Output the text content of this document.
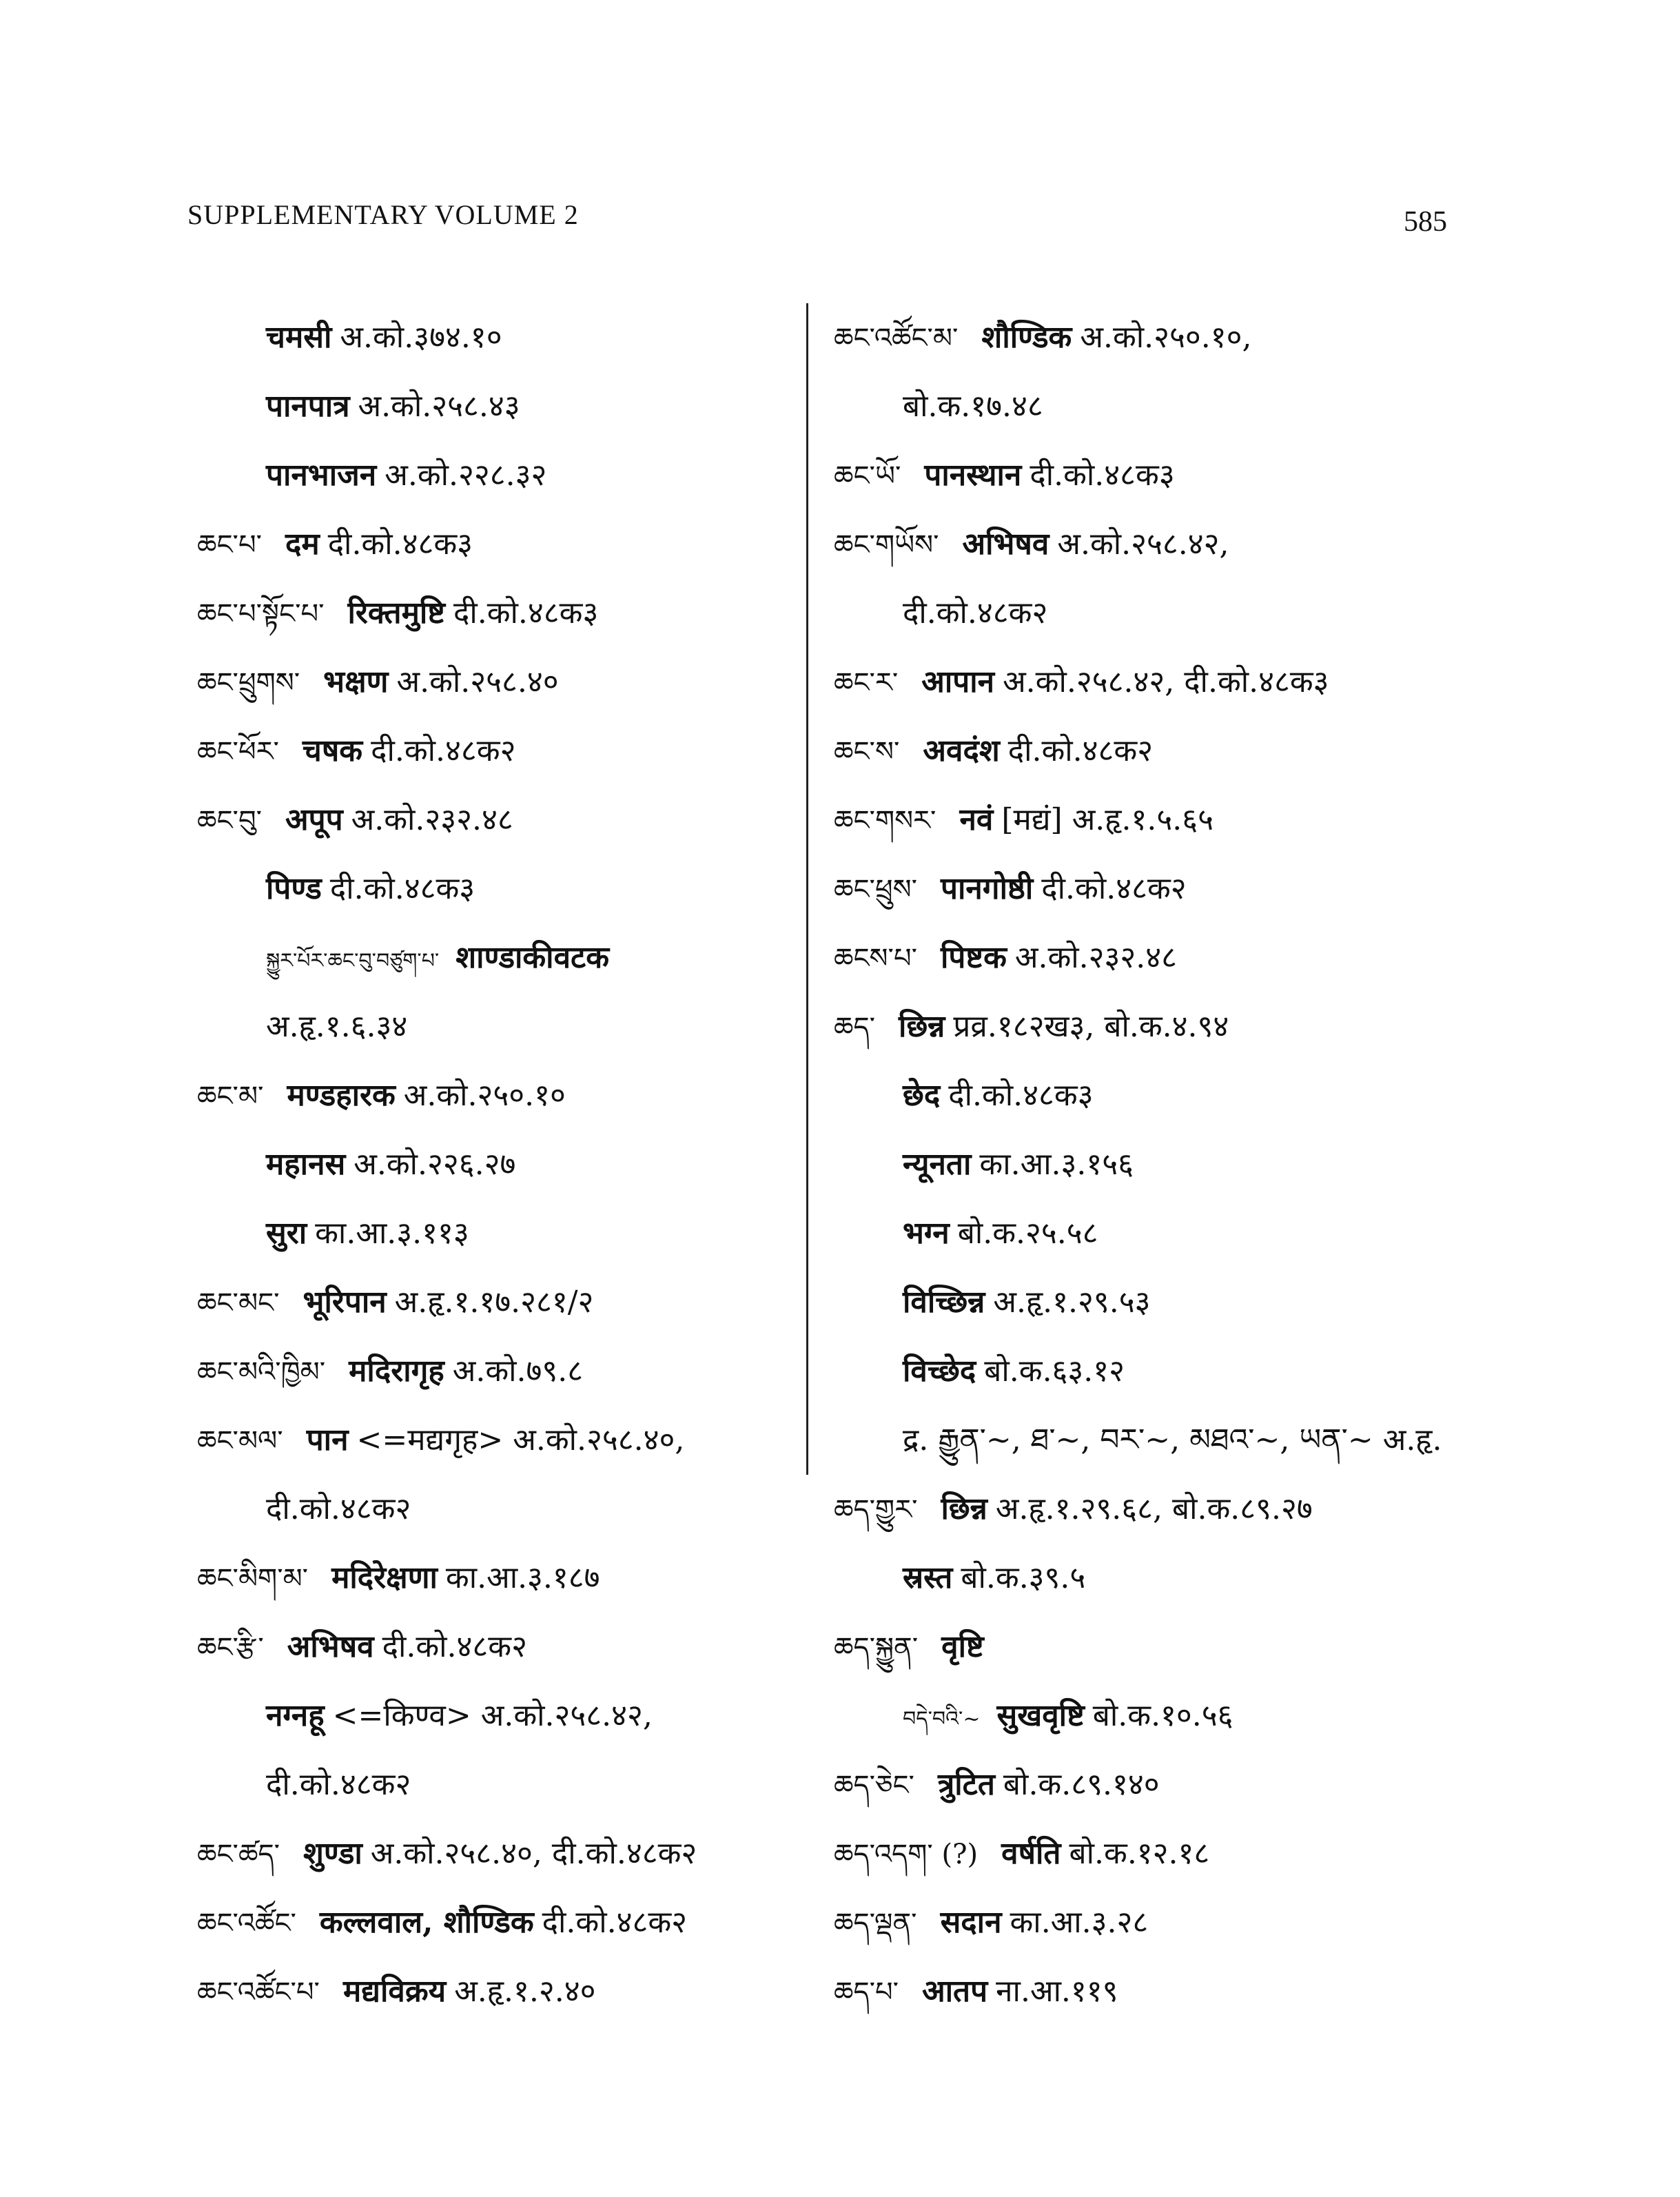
SUPPLEMENTARY VOLUME 2	585
चमसी अ.को.३७४.१०
पानपात्र अ.को.२५८.४३
पानभाजन अ.को.२२८.३२
ཆང་པ་ दम दी.को.४८क३
ཆང་པ་སྟོང་པ་ रिक्तमुष्टि दी.को.४८क३
ཆང་ཕྲུགས་ भक्षण अ.को.२५८.४०
ཆང་ཕོར་ चषक दी.को.४८क२
ཆང་བུ་ अपूप अ.को.२३२.४८
पिण्ड दी.को.४८क३
སྐྱུར་པོར་ཆང་བུ་བཙུག་པ་ शाण्डाकीवटक
अ.हृ.१.६.३४
ཆང་མ་ मण्डहारक अ.को.२५०.१०
महानस अ.को.२२६.२७
सुरा का.आ.३.११३
ཆང་མང་ भूरिपान अ.हृ.१.१७.२८१/२
ཆང་མའི་ཁྱིམ་ मदिरागृह अ.को.७९.८
ཆང་མལ་ पान <=मद्यगृह> अ.को.२५८.४०,
दी.को.४८क२
ཆང་མིག་མ་ मदिरेक्षणा का.आ.३.१८७
ཆང་རྩི་ अभिषव दी.को.४८क२
नग्नहू <=किण्व> अ.को.२५८.४२,
दी.को.४८क२
ཆང་ཚད་ शुण्डा अ.को.२५८.४०, दी.को.४८क२
ཆང་འཚོང་ कल्लवाल, शौण्डिक दी.को.४८क२
ཆང་འཚོང་པ་ मद्यविक्रय अ.हृ.१.२.४०
ཆང་འཚོང་མ་ शौण्डिक अ.को.२५०.१०,
बो.क.१७.४८
ཆང་ཡོ་ पानस्थान दी.को.४८क३
ཆང་གཡོས་ अभिषव अ.को.२५८.४२,
दी.को.४८क२
ཆང་ར་ आपान अ.को.२५८.४२, दी.को.४८क३
ཆང་ས་ अवदंश दी.को.४८क२
ཆང་གསར་ नवं [मद्यं] अ.हृ.१.५.६५
ཆང་ཕྲུས་ पानगोष्ठी दी.को.४८क२
ཆངས་པ་ पिष्टक अ.को.२३२.४८
ཆད་ छिन्न प्रव्र.१८२ख३, बो.क.४.९४
छेद दी.को.४८क३
न्यूनता का.आ.३.१५६
भग्न बो.क.२५.५८
विच्छिन्न अ.हृ.१.२९.५३
विच्छेद बो.क.६३.१२
द्र. རྒྱུན་~, ཐ་~, བར་~, མཐའ་~, ཡན་~ अ.हृ.
ཆད་གྱུར་ छिन्न अ.हृ.१.२९.६८, बो.क.८९.२७
स्रस्त बो.क.३९.५
ཆད་སྐྱུན་ वृष्टि
བདེ་བའི་~ सुखवृष्टि बो.क.१०.५६
ཆད་ཅེང་ त्रुटित बो.क.८९.१४०
ཆད་འདག་ (?) वर्षति बो.क.१२.१८
ཆད་ལྡན་ सदान का.आ.३.२८
ཆད་པ་ आतप ना.आ.११९
